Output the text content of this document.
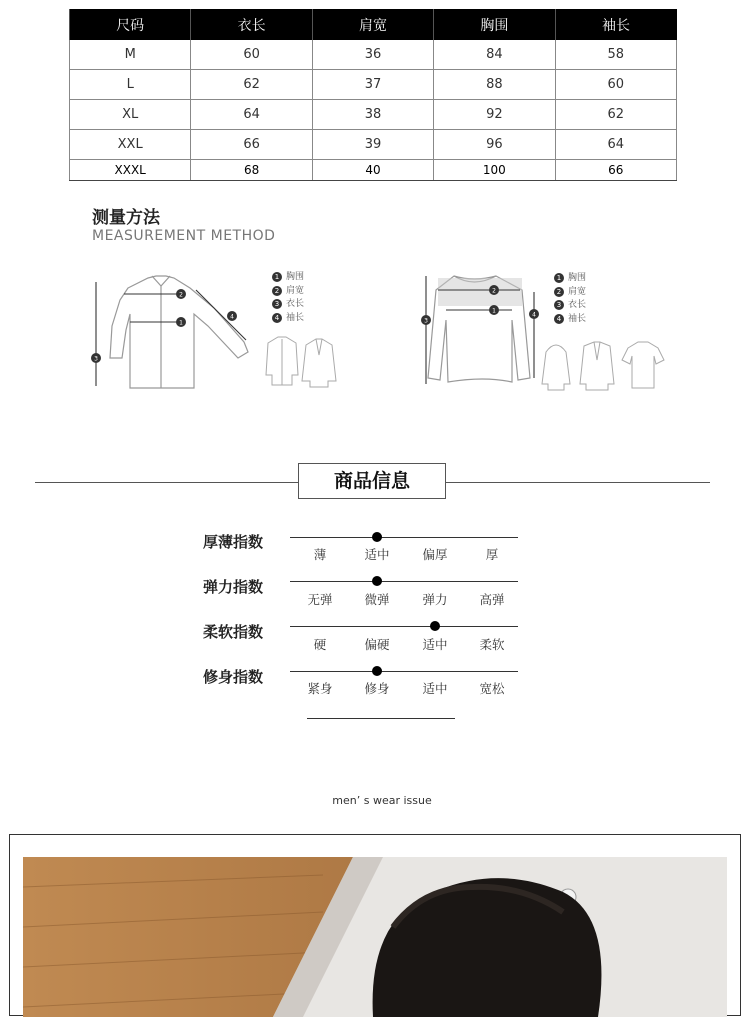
尺码	衣长	肩宽	胸围	袖长
M	60	36	84	58
L	62	37	88	60
XL	64	38	92	62
XXL	66	39	96	64
XXXL	68	40	100	66
测量方法
MEASUREMENT METHOD
2
1
3
4
1 胸围
2 肩宽
3 衣长
4 袖长
2
1
3
4
1 胸围
2 肩宽
3 衣长
4 袖长
商品信息
厚薄指数
薄	适中	偏厚	厚
弹力指数
无弹	微弹	弹力	高弹
柔软指数
硬	偏硬	适中	柔软
修身指数
紧身	修身	适中	宽松
men’ s wear issue
